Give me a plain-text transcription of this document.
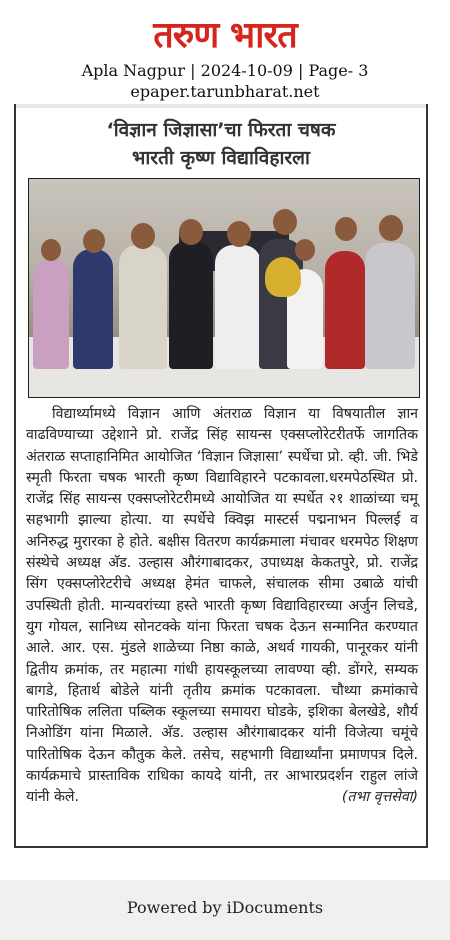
तरुण भारत
Apla Nagpur | 2024-10-09 | Page- 3
epaper.tarunbharat.net
‘विज्ञान जिज्ञासा’चा फिरता चषक
भारती कृष्ण विद्याविहारला

विद्यार्थ्यामध्ये विज्ञान आणि अंतराळ विज्ञान या विषयातील ज्ञान वाढविण्याच्या उद्देशाने प्रो. राजेंद्र सिंह सायन्स एक्सप्लोरेटरीतर्फे जागतिक अंतराळ सप्ताहानिमित आयोजित ‘विज्ञान जिज्ञासा’ स्पर्धेचा प्रो. व्ही. जी. भिडे स्मृती फिरता चषक भारती कृष्ण विद्याविहारने पटकावला.धरमपेठस्थित प्रो. राजेंद्र सिंह सायन्स एक्सप्लोरेटरीमध्ये आयोजित या स्पर्धेत २१ शाळांच्या चमू सहभागी झाल्या होत्या. या स्पर्धेचे क्विझ मास्टर्स पद्मनाभन पिल्लई व अनिरुद्ध मुरारका हे होते. बक्षीस वितरण कार्यक्रमाला मंचावर धरमपेठ शिक्षण संस्थेचे अध्यक्ष अ‍ॅड. उल्हास औरंगाबादकर, उपाध्यक्ष केकतपुरे, प्रो. राजेंद्र सिंग एक्सप्लोरेटरीचे अध्यक्ष हेमंत चाफले, संचालक सीमा उबाळे यांची उपस्थिती होती. मान्यवरांच्या हस्ते भारती कृष्ण विद्याविहारच्या अर्जुन लिचडे, युग गोयल, सानिध्य सोनटक्के यांना फिरता चषक देऊन सन्मानित करण्यात आले. आर. एस. मुंडले शाळेच्या निष्ठा काळे, अथर्व गायकी, पानूरकर यांनी द्वितीय क्रमांक, तर महात्मा गांधी हायस्कूलच्या लावण्या व्ही. डोंगरे, सम्यक बागडे, हितार्थ बोडेले यांनी तृतीय क्रमांक पटकावला. चौथ्या क्रमांकाचे पारितोषिक ललिता पब्लिक स्कूलच्या समायरा घोडके, इशिका बेलखेडे, शौर्य निओडिंग यांना मिळाले. अ‍ॅड. उल्हास औरंगाबादकर यांनी विजेत्या चमूंचे पारितोषिक देऊन कौतुक केले. तसेच, सहभागी विद्यार्थ्यांना प्रमाणपत्र दिले. कार्यक्रमाचे प्रास्ताविक राधिका कायदे यांनी, तर आभारप्रदर्शन राहुल लांजे यांनी केले.	(तभा वृत्तसेवा)

Powered by iDocuments
